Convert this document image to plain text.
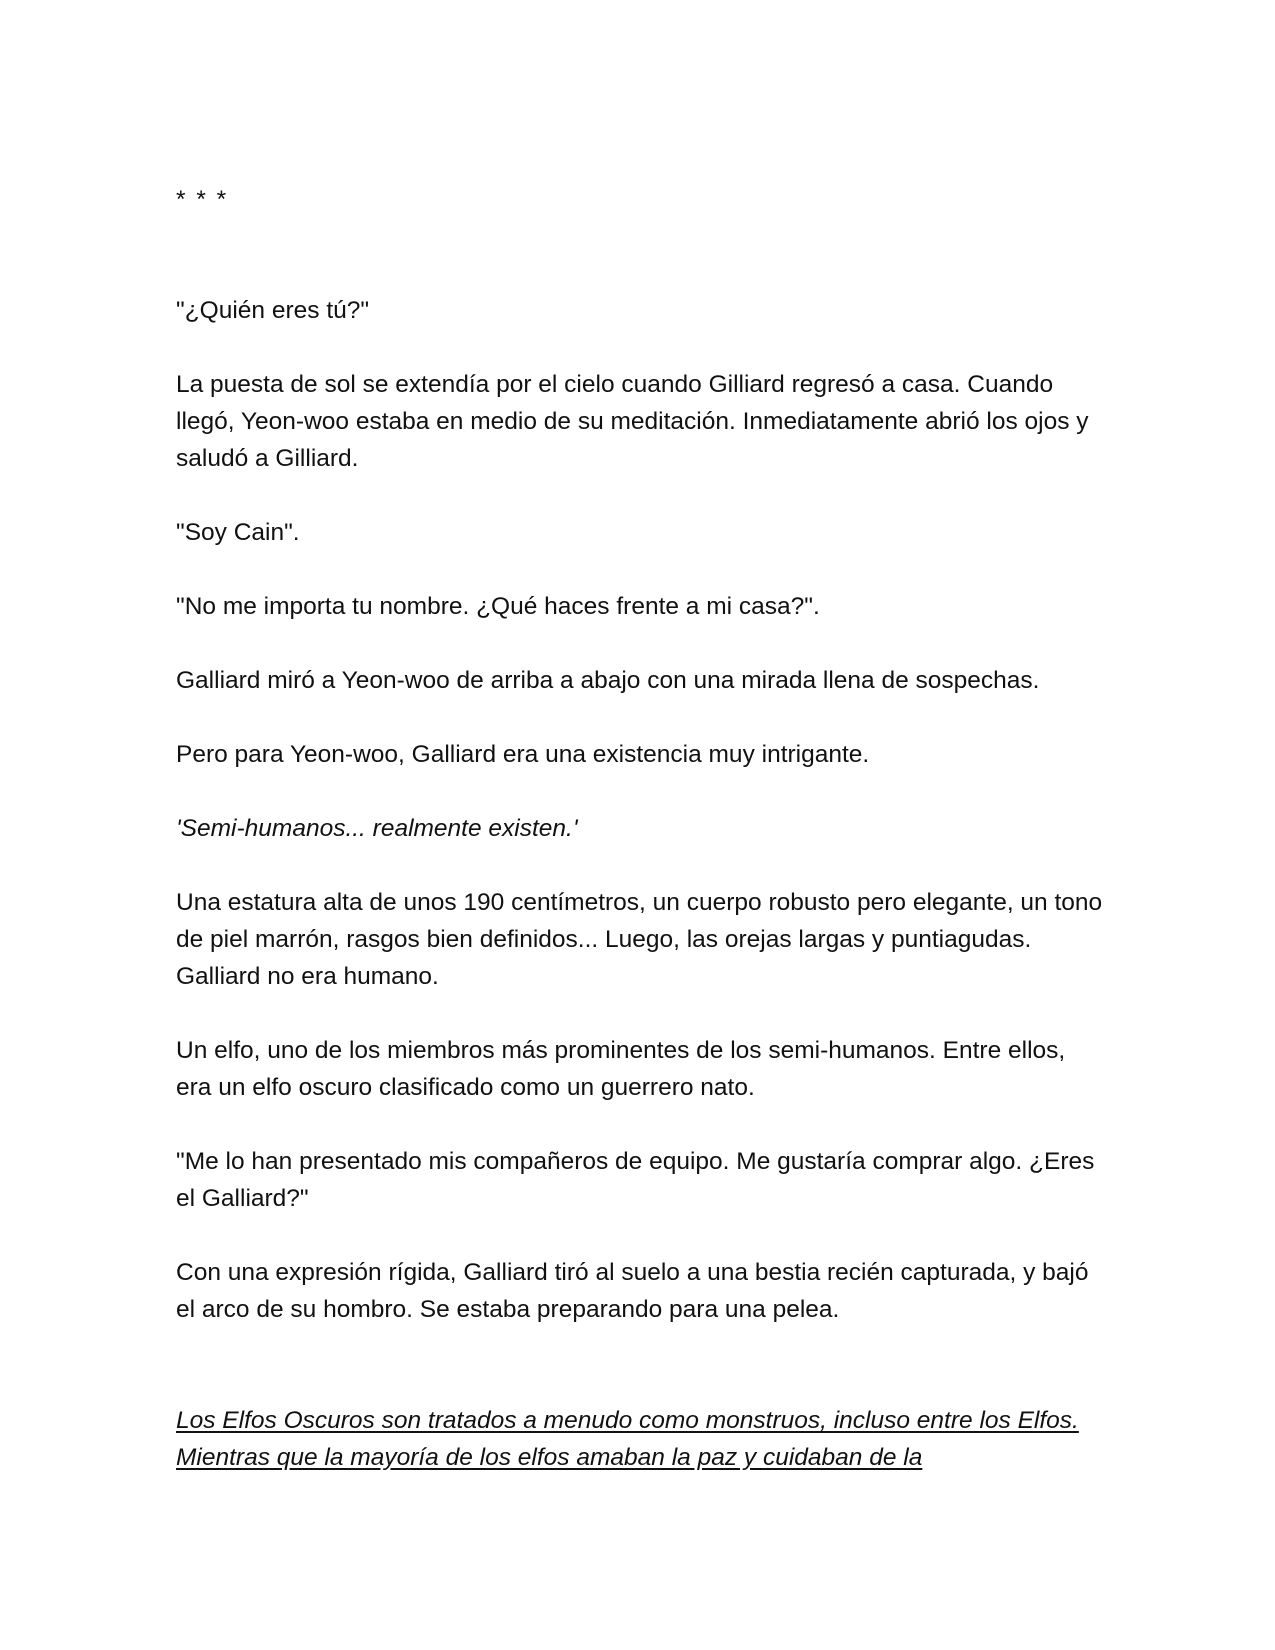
* * *

"¿Quién eres tú?"

La puesta de sol se extendía por el cielo cuando Gilliard regresó a casa. Cuando llegó, Yeon-woo estaba en medio de su meditación. Inmediatamente abrió los ojos y saludó a Gilliard.

"Soy Cain".

"No me importa tu nombre. ¿Qué haces frente a mi casa?".

Galliard miró a Yeon-woo de arriba a abajo con una mirada llena de sospechas.

Pero para Yeon-woo, Galliard era una existencia muy intrigante.

'Semi-humanos... realmente existen.'

Una estatura alta de unos 190 centímetros, un cuerpo robusto pero elegante, un tono de piel marrón, rasgos bien definidos... Luego, las orejas largas y puntiagudas. Galliard no era humano.

Un elfo, uno de los miembros más prominentes de los semi-humanos. Entre ellos, era un elfo oscuro clasificado como un guerrero nato.

"Me lo han presentado mis compañeros de equipo. Me gustaría comprar algo. ¿Eres el Galliard?"

Con una expresión rígida, Galliard tiró al suelo a una bestia recién capturada, y bajó el arco de su hombro. Se estaba preparando para una pelea.

Los Elfos Oscuros son tratados a menudo como monstruos, incluso entre los Elfos. Mientras que la mayoría de los elfos amaban la paz y cuidaban de la
